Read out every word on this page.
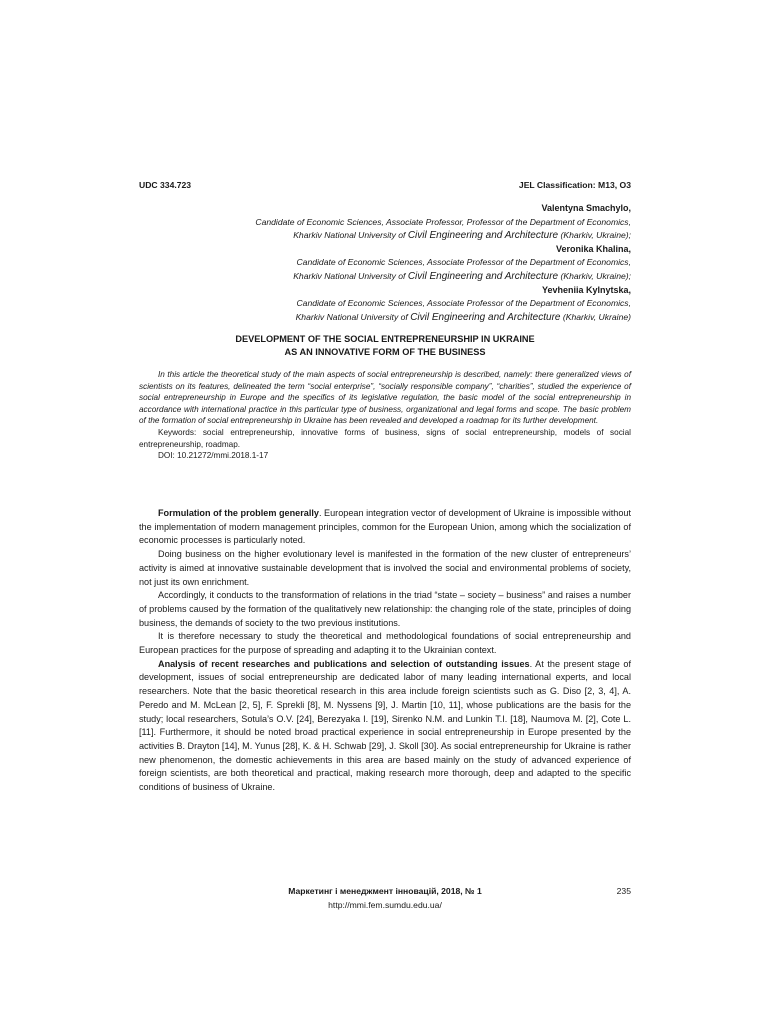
UDC 334.723	JEL Classification: M13, O3
Valentyna Smachylo,
Candidate of Economic Sciences, Associate Professor, Professor of the Department of Economics,
Kharkiv National University of Civil Engineering and Architecture (Kharkiv, Ukraine);
Veronika Khalina,
Candidate of Economic Sciences, Associate Professor of the Department of Economics,
Kharkiv National University of Civil Engineering and Architecture (Kharkiv, Ukraine);
Yevheniia Kylnytska,
Candidate of Economic Sciences, Associate Professor of the Department of Economics,
Kharkiv National University of Civil Engineering and Architecture (Kharkiv, Ukraine)
DEVELOPMENT OF THE SOCIAL ENTREPRENEURSHIP IN UKRAINE
AS AN INNOVATIVE FORM OF THE BUSINESS

In this article the theoretical study of the main aspects of social entrepreneurship is described, namely: there generalized views of scientists on its features, delineated the term “social enterprise”, “socially responsible company”, “charities”, studied the experience of social entrepreneurship in Europe and the specifics of its legislative regulation, the basic model of the social entrepreneurship in accordance with international practice in this particular type of business, organizational and legal forms and scope. The basic problem of the formation of social entrepreneurship in Ukraine has been revealed and developed a roadmap for its further development.

Keywords: social entrepreneurship, innovative forms of business, signs of social entrepreneurship, models of social entrepreneurship, roadmap.

DOI: 10.21272/mmi.2018.1-17

Formulation of the problem generally. European integration vector of development of Ukraine is impossible without the implementation of modern management principles, common for the European Union, among which the socialization of economic processes is particularly noted.

Doing business on the higher evolutionary level is manifested in the formation of the new cluster of entrepreneurs’ activity is aimed at innovative sustainable development that is involved the social and environmental problems of society, not just its own enrichment.

Accordingly, it conducts to the transformation of relations in the triad “state – society – business” and raises a number of problems caused by the formation of the qualitatively new relationship: the changing role of the state, principles of doing business, the demands of society to the two previous institutions.

It is therefore necessary to study the theoretical and methodological foundations of social entrepreneurship and European practices for the purpose of spreading and adapting it to the Ukrainian context.

Analysis of recent researches and publications and selection of outstanding issues. At the present stage of development, issues of social entrepreneurship are dedicated labor of many leading international experts, and local researchers. Note that the basic theoretical research in this area include foreign scientists such as G. Diso [2, 3, 4], A. Peredo and M. McLean [2, 5], F. Sprekli [8], M. Nyssens [9], J. Martin [10, 11], whose publications are the basis for the study; local researchers, Sotula’s O.V. [24], Berezyaka I. [19], Sirenko N.M. and Lunkin T.I. [18], Naumova M. [2], Cote L. [11]. Furthermore, it should be noted broad practical experience in social entrepreneurship in Europe presented by the activities B. Drayton [14], M. Yunus [28], K. & H. Schwab [29], J. Skoll [30]. As social entrepreneurship for Ukraine is rather new phenomenon, the domestic achievements in this area are based mainly on the study of advanced experience of foreign scientists, are both theoretical and practical, making research more thorough, deep and adapted to the specific conditions of business of Ukraine.

Маркетинг і менеджмент інновацій, 2018, № 1
http://mmi.fem.sumdu.edu.ua/
235
